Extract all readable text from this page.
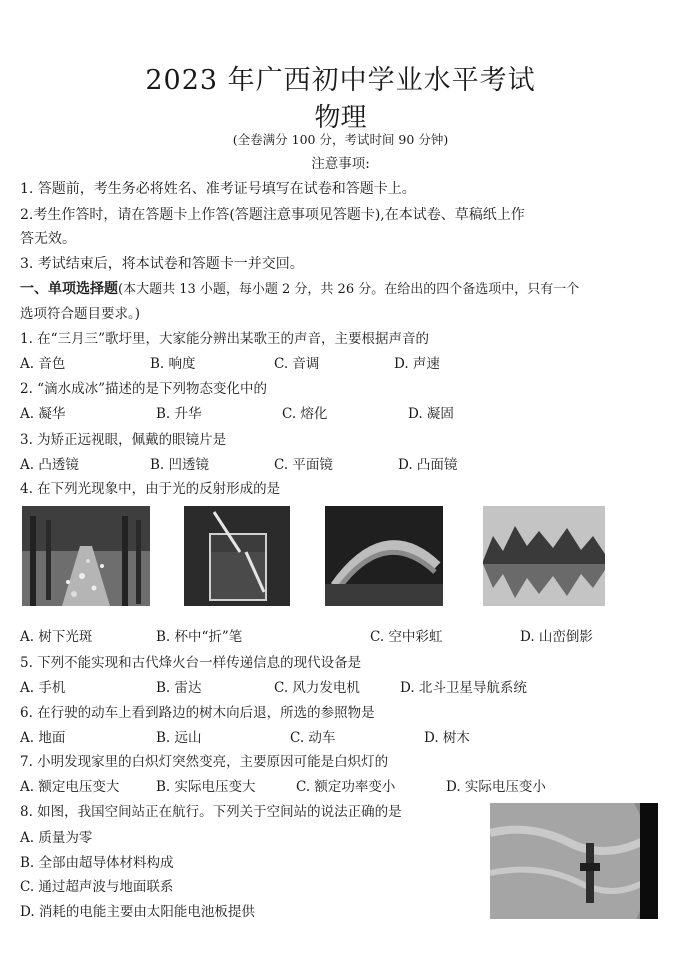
2023 年广西初中学业水平考试
物理
(全卷满分 100 分，考试时间 90 分钟)
注意事项:
1. 答题前，考生务必将姓名、准考证号填写在试卷和答题卡上。
2.考生作答时，请在答题卡上作答(答题注意事项见答题卡),在本试卷、草稿纸上作
答无效。
3. 考试结束后，将本试卷和答题卡一并交回。
一、单项选择题(本大题共 13 小题，每小题 2 分，共 26 分。在给出的四个备选项中，只有一个
选项符合题目要求。)
1. 在“三月三”歌圩里，大家能分辨出某歌王的声音，主要根据声音的
A. 音色	B. 响度	C. 音调	D. 声速
2. “滴水成冰”描述的是下列物态变化中的
A. 凝华	B. 升华	C. 熔化	D. 凝固
3. 为矫正远视眼，佩戴的眼镜片是
A. 凸透镜	B. 凹透镜	C. 平面镜	D. 凸面镜
4. 在下列光现象中，由于光的反射形成的是
A. 树下光斑	B. 杯中“折”笔	C. 空中彩虹	D. 山峦倒影
5. 下列不能实现和古代烽火台一样传递信息的现代设备是
A. 手机	B. 雷达	C. 风力发电机	D. 北斗卫星导航系统
6. 在行驶的动车上看到路边的树木向后退，所选的参照物是
A. 地面	B. 远山	C. 动车	D. 树木
7. 小明发现家里的白炽灯突然变亮，主要原因可能是白炽灯的
A. 额定电压变大	B. 实际电压变大	C. 额定功率变小	D. 实际电压变小
8. 如图，我国空间站正在航行。下列关于空间站的说法正确的是
A. 质量为零
B. 全部由超导体材料构成
C. 通过超声波与地面联系
D. 消耗的电能主要由太阳能电池板提供
